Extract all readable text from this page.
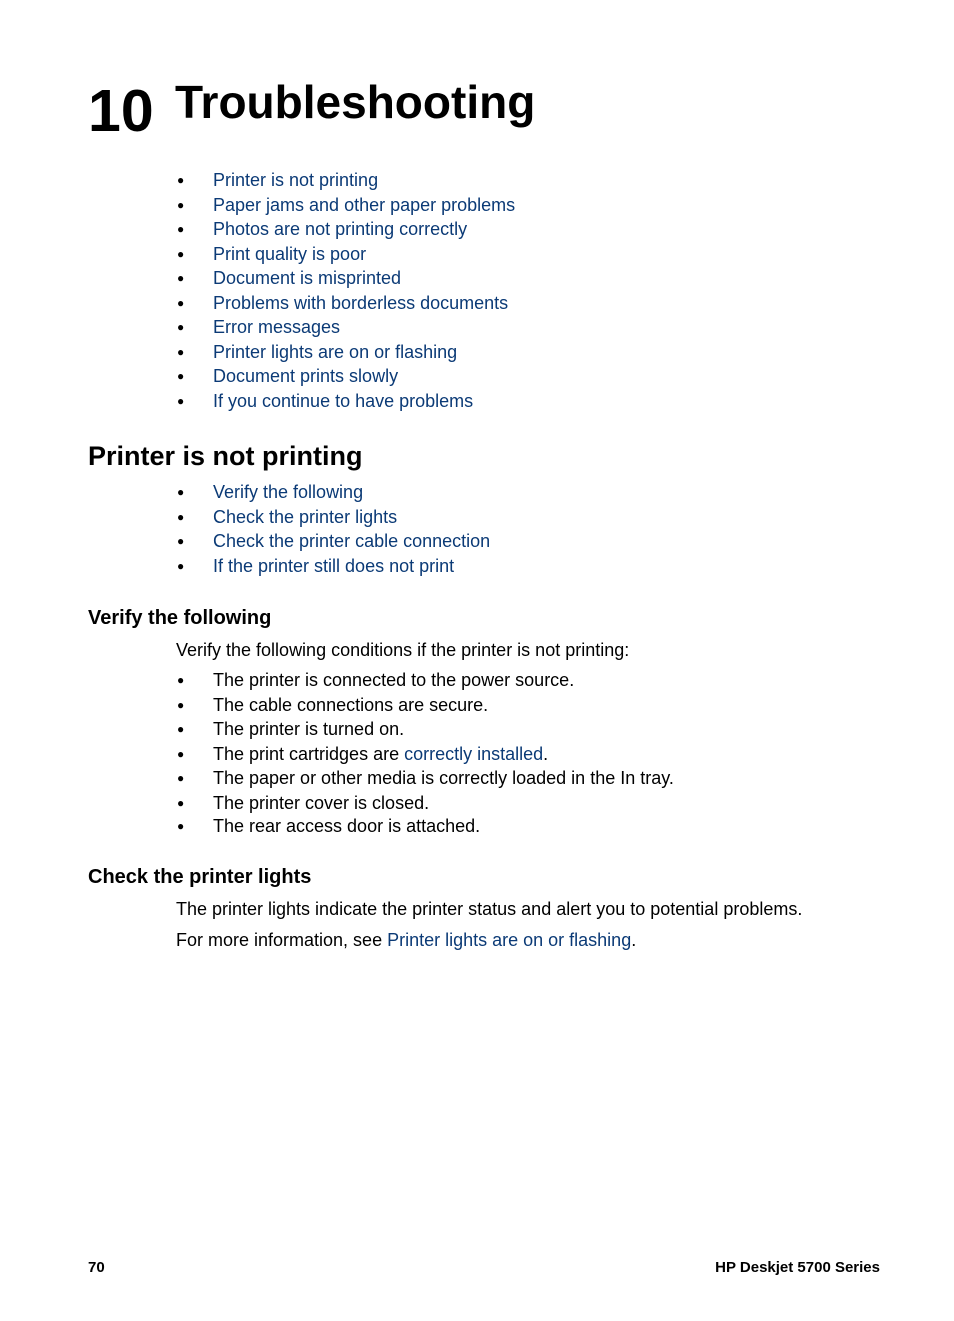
10 Troubleshooting
● Printer is not printing
● Paper jams and other paper problems
● Photos are not printing correctly
● Print quality is poor
● Document is misprinted
● Problems with borderless documents
● Error messages
● Printer lights are on or flashing
● Document prints slowly
● If you continue to have problems
Printer is not printing
● Verify the following
● Check the printer lights
● Check the printer cable connection
● If the printer still does not print
Verify the following

Verify the following conditions if the printer is not printing:

● The printer is connected to the power source.
● The cable connections are secure.
● The printer is turned on.
● The print cartridges are correctly installed.
● The paper or other media is correctly loaded in the In tray.
● The printer cover is closed.
● The rear access door is attached.
Check the printer lights

The printer lights indicate the printer status and alert you to potential problems.

For more information, see Printer lights are on or flashing.

70	HP Deskjet 5700 Series
